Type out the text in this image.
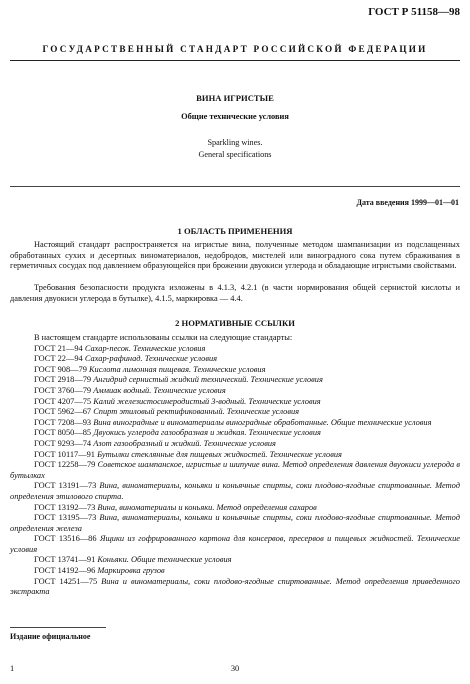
ГОСТ Р 51158—98
ГОСУДАРСТВЕННЫЙ СТАНДАРТ РОССИЙСКОЙ ФЕДЕРАЦИИ
ВИНА ИГРИСТЫЕ
Общие технические условия
Sparkling wines.
General specifications
Дата введения 1999—01—01
1 ОБЛАСТЬ ПРИМЕНЕНИЯ

Настоящий стандарт распространяется на игристые вина, полученные методом шампанизации из подслащенных обработанных сухих и десертных виноматериалов, недобродов, мистелей или виноградного сока путем сбраживания в герметичных сосудах под давлением образующейся при брожении двуокиси углерода и обладающие игристыми свойствами.

Требования безопасности продукта изложены в 4.1.3, 4.2.1 (в части нормирования общей сернистой кислоты и давления двуокиси углерода в бутылке), 4.1.5, маркировка — 4.4.

2 НОРМАТИВНЫЕ ССЫЛКИ

В настоящем стандарте использованы ссылки на следующие стандарты:

ГОСТ 21—94 Сахар-песок. Технические условия

ГОСТ 22—94 Сахар-рафинад. Технические условия

ГОСТ 908—79 Кислота лимонная пищевая. Технические условия

ГОСТ 2918—79 Ангидрид сернистый жидкий технический. Технические условия

ГОСТ 3760—79 Аммиак водный. Технические условия

ГОСТ 4207—75 Калий железистосинеродистый 3-водный. Технические условия

ГОСТ 5962—67 Спирт этиловый ректификованный. Технические условия

ГОСТ 7208—93 Вина виноградные и виноматериалы виноградные обработанные. Общие технические условия

ГОСТ 8050—85 Двуокись углерода газообразная и жидкая. Технические условия

ГОСТ 9293—74 Азот газообразный и жидкий. Технические условия

ГОСТ 10117—91 Бутылки стеклянные для пищевых жидкостей. Технические условия

ГОСТ 12258—79 Советское шампанское, игристые и шипучие вина. Метод определения давления двуокиси углерода в бутылках

ГОСТ 13191—73 Вина, виноматериалы, коньяки и коньячные спирты, соки плодово-ягодные спиртованные. Метод определения этилового спирта.

ГОСТ 13192—73 Вина, виноматериалы и коньяки. Метод определения сахаров

ГОСТ 13195—73 Вина, виноматериалы, коньяки и коньячные спирты, соки плодово-ягодные спиртованные. Метод определения железа

ГОСТ 13516—86 Ящики из гофрированного картона для консервов, пресервов и пищевых жидкостей. Технические условия

ГОСТ 13741—91 Коньяки. Общие технические условия

ГОСТ 14192—96 Маркировка грузов

ГОСТ 14251—75 Вина и виноматериалы, соки плодово-ягодные спиртованные. Метод определения приведенного экстракта

Издание официальное
1	30
